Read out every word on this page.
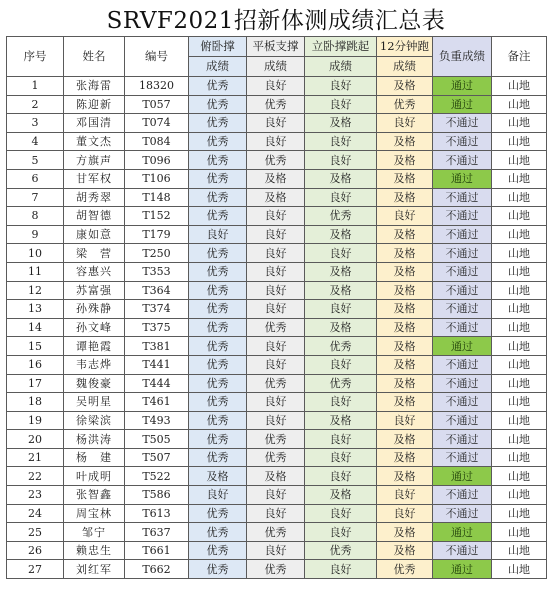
SRVF2021招新体测成绩汇总表
序号	姓名	编号	俯卧撑	平板支撑	立卧撑跳起	12分钟跑	负重成绩	备注
			成绩	成绩	成绩	成绩		
1	张海雷	18320	优秀	良好	良好	及格	通过	山地
2	陈迎新	T057	优秀	优秀	良好	优秀	通过	山地
3	邓国清	T074	优秀	良好	及格	良好	不通过	山地
4	董文杰	T084	优秀	良好	良好	及格	不通过	山地
5	方旗声	T096	优秀	优秀	良好	及格	不通过	山地
6	甘军权	T106	优秀	及格	及格	及格	通过	山地
7	胡秀翠	T148	优秀	及格	良好	及格	不通过	山地
8	胡智德	T152	优秀	良好	优秀	良好	不通过	山地
9	康如意	T179	良好	良好	及格	及格	不通过	山地
10	梁　营	T250	优秀	良好	良好	及格	不通过	山地
11	容惠兴	T353	优秀	良好	及格	及格	不通过	山地
12	苏富强	T364	优秀	良好	及格	及格	不通过	山地
13	孙殊静	T374	优秀	良好	良好	及格	不通过	山地
14	孙文峰	T375	优秀	优秀	及格	及格	不通过	山地
15	谭艳霞	T381	优秀	良好	优秀	及格	通过	山地
16	韦志烨	T441	优秀	良好	良好	及格	不通过	山地
17	魏俊豪	T444	优秀	优秀	优秀	及格	不通过	山地
18	吴明星	T461	优秀	良好	良好	及格	不通过	山地
19	徐梁滨	T493	优秀	良好	及格	良好	不通过	山地
20	杨洪涛	T505	优秀	优秀	良好	及格	不通过	山地
21	杨　建	T507	优秀	优秀	良好	及格	不通过	山地
22	叶成明	T522	及格	及格	良好	及格	通过	山地
23	张智鑫	T586	良好	良好	及格	良好	不通过	山地
24	周宝林	T613	优秀	良好	良好	良好	不通过	山地
25	邹宁	T637	优秀	优秀	良好	及格	通过	山地
26	赖忠生	T661	优秀	良好	优秀	及格	不通过	山地
27	刘红军	T662	优秀	优秀	良好	优秀	通过	山地
